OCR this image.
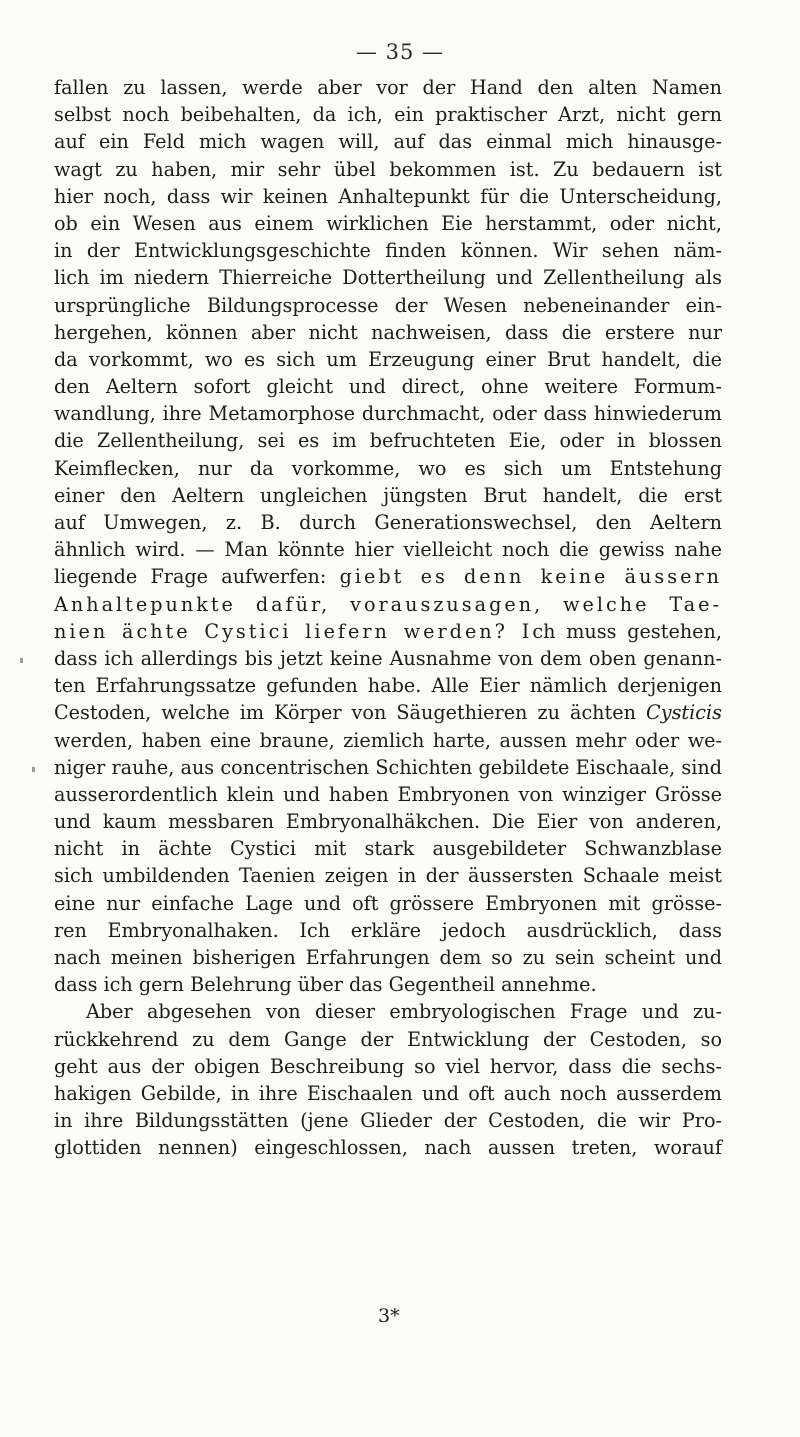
— 35 —
fallen zu lassen, werde aber vor der Hand den alten Namen
selbst noch beibehalten, da ich, ein praktischer Arzt, nicht gern
auf ein Feld mich wagen will, auf das einmal mich hinausge-
wagt zu haben, mir sehr übel bekommen ist. Zu bedauern ist
hier noch, dass wir keinen Anhaltepunkt für die Unterscheidung,
ob ein Wesen aus einem wirklichen Eie herstammt, oder nicht,
in der Entwicklungsgeschichte finden können. Wir sehen näm-
lich im niedern Thierreiche Dottertheilung und Zellentheilung als
ursprüngliche Bildungsprocesse der Wesen nebeneinander ein-
hergehen, können aber nicht nachweisen, dass die erstere nur
da vorkommt, wo es sich um Erzeugung einer Brut handelt, die
den Aeltern sofort gleicht und direct, ohne weitere Formum-
wandlung, ihre Metamorphose durchmacht, oder dass hinwiederum
die Zellentheilung, sei es im befruchteten Eie, oder in blossen
Keimflecken, nur da vorkomme, wo es sich um Entstehung
einer den Aeltern ungleichen jüngsten Brut handelt, die erst
auf Umwegen, z. B. durch Generationswechsel, den Aeltern
ähnlich wird. — Man könnte hier vielleicht noch die gewiss nahe
liegende Frage aufwerfen: giebt es denn keine äussern
Anhaltepunkte dafür, vorauszusagen, welche Tae-
nien ächte Cystici liefern werden? Ich muss gestehen,
dass ich allerdings bis jetzt keine Ausnahme von dem oben genann-
ten Erfahrungssatze gefunden habe. Alle Eier nämlich derjenigen
Cestoden, welche im Körper von Säugethieren zu ächten Cysticis
werden, haben eine braune, ziemlich harte, aussen mehr oder we-
niger rauhe, aus concentrischen Schichten gebildete Eischaale, sind
ausserordentlich klein und haben Embryonen von winziger Grösse
und kaum messbaren Embryonalhäkchen. Die Eier von anderen,
nicht in ächte Cystici mit stark ausgebildeter Schwanzblase
sich umbildenden Taenien zeigen in der äussersten Schaale meist
eine nur einfache Lage und oft grössere Embryonen mit grösse-
ren Embryonalhaken. Ich erkläre jedoch ausdrücklich, dass
nach meinen bisherigen Erfahrungen dem so zu sein scheint und
dass ich gern Belehrung über das Gegentheil annehme.
Aber abgesehen von dieser embryologischen Frage und zu-
rückkehrend zu dem Gange der Entwicklung der Cestoden, so
geht aus der obigen Beschreibung so viel hervor, dass die sechs-
hakigen Gebilde, in ihre Eischaalen und oft auch noch ausserdem
in ihre Bildungsstätten (jene Glieder der Cestoden, die wir Pro-
glottiden nennen) eingeschlossen, nach aussen treten, worauf
3*
